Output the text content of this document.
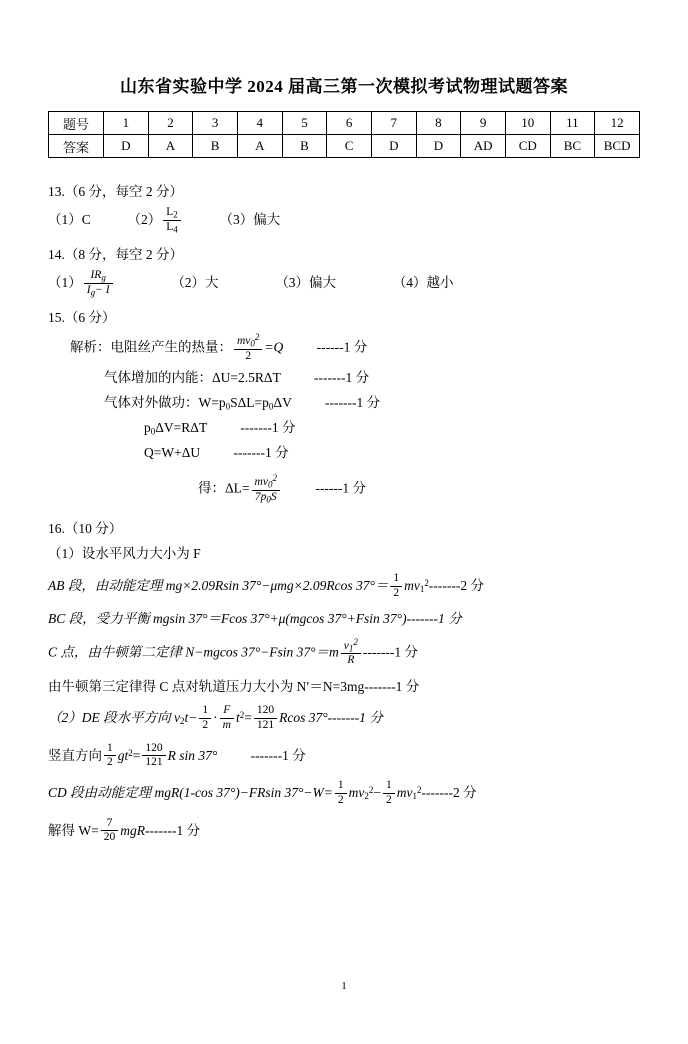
山东省实验中学 2024 届高三第一次模拟考试物理试题答案
题号	1	2	3	4	5	6	7	8	9	10	11	12
答案	D	A	B	A	B	C	D	D	AD	CD	BC	BCD
13.（6 分，每空 2 分）
（1）C	$(2) \frac{L_2}{L_4}$	（3）偏大
14.（8 分，每空 2 分）
$(1) \frac{IR_g}{I_g- I}$	（2）大	（3）偏大	（4）越小
15.（6 分）
解析：电阻丝产生的热量： $\frac{mv_0^2}{2} =Q$ ------1 分
气体增加的内能：ΔU=2.5RΔT -------1 分
气体对外做功：$W=p_0S\Delta L=p_0\Delta V$ -------1 分
$p_0\Delta V=R\Delta T$ -------1 分
Q=W+ΔU -------1 分
得：$\Delta L= \frac{mv_0^2}{7p_0S}$	------1 分
16.（10 分）
（1）设水平风力大小为 F
AB 段，由动能定理 mg×2.09Rsin 37°−μmg×2.09Rcos $37^\circ= \frac{1}{2} mv_1^2-------2$ 分
BC 段，受力平衡 mgsin 37°＝Fcos 37°+μ(mgcos 37°+Fsin 37°)-------1 分
C 点，由牛顿第二定律 N−mgcos 37°−Fsin $37^\circ=m \frac{v_1^2}{R} -------1$ 分
由牛顿第三定律得 C 点对轨道压力大小为 N′＝N=3mg-------1 分
（2）DE 段水平方向 $v_2t- \frac{1}{2} \cdot \frac{F}{m} t^2= \frac{120}{121}$ Rcos 37°-------1 分
竖直方向 $\frac{1}{2} gt^2= \frac{120}{121}$ R sin 37° -------1 分
CD 段由动能定理 mgR(1-cos 37°)−FRsin $37^\circ-W= \frac{1}{2} mv_2^2- \frac{1}{2} mv_1^2-------2$ 分
解得 $W= \frac{7}{20} mgR-------1$ 分
1
